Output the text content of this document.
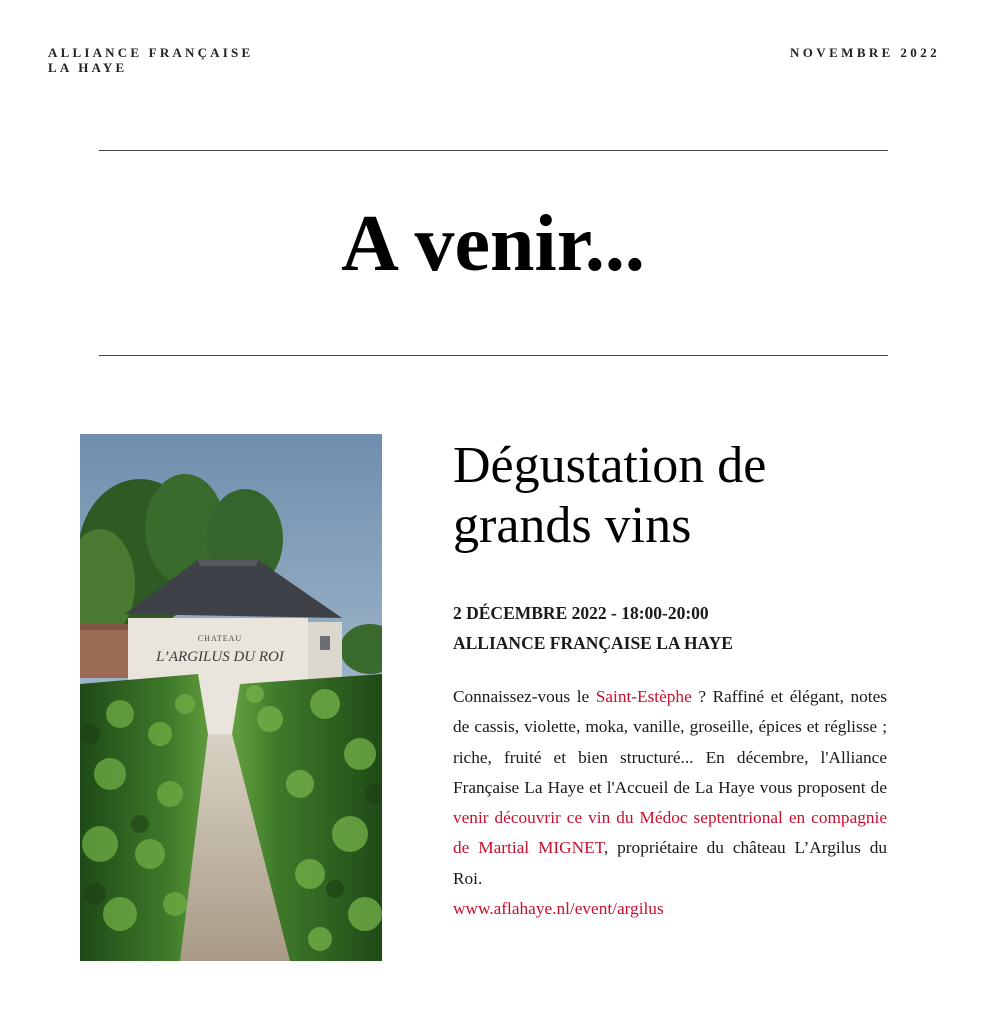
ALLIANCE FRANÇAISE
LA HAYE
NOVEMBRE 2022
A venir...
CHATEAU
L’ARGILUS DU ROI
Dégustation de
grands vins
2 DÉCEMBRE 2022 - 18:00-20:00
ALLIANCE FRANÇAISE LA HAYE

Connaissez-vous le Saint-Estèphe ? Raffiné et élégant, notes de cassis, violette, moka, vanille, groseille, épices et réglisse ; riche, fruité et bien structuré... En décembre, l'Alliance Française La Haye et l'Accueil de La Haye vous proposent de venir découvrir ce vin du Médoc septentrional en compagnie de Martial MIGNET, propriétaire du château L’Argilus du Roi.
www.aflahaye.nl/event/argilus
